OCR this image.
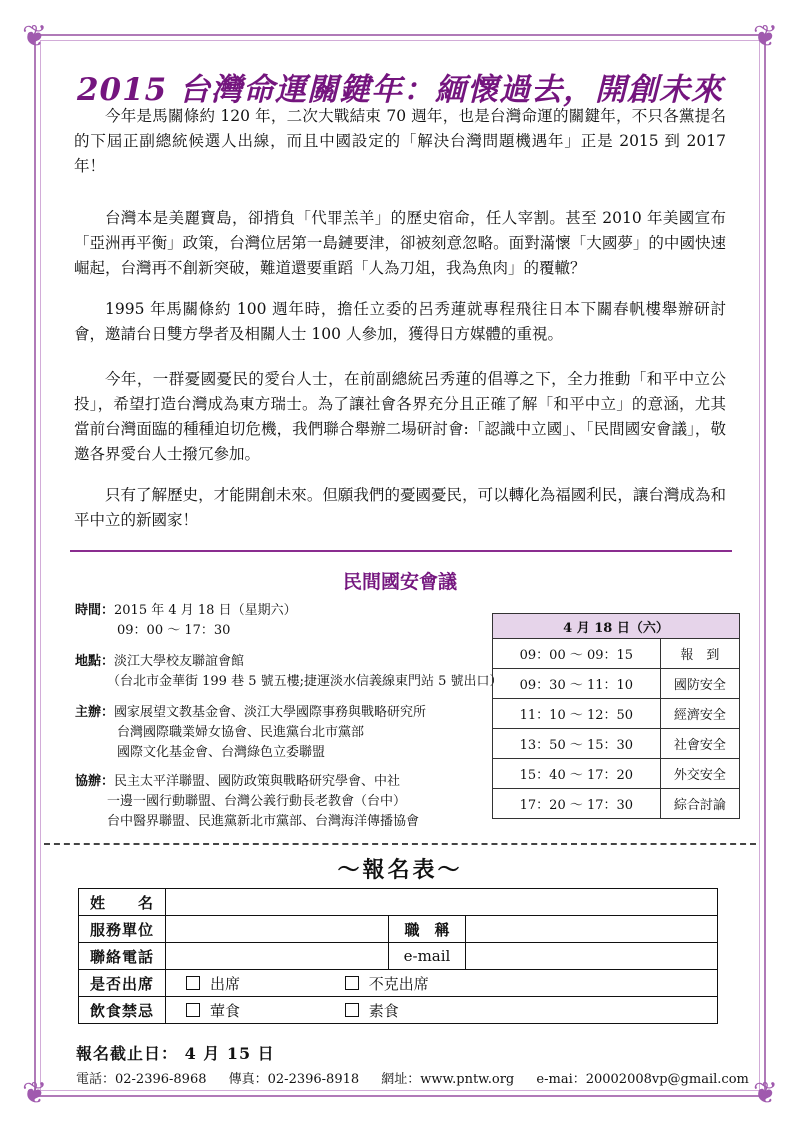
❦	❦
❦	❦
2015 台灣命運關鍵年：緬懷過去，開創未來

今年是馬關條約 120 年，二次大戰結束 70 週年，也是台灣命運的關鍵年，不只各黨提名的下屆正副總統候選人出線，而且中國設定的「解決台灣問題機遇年」正是 2015 到 2017 年！

台灣本是美麗寶島，卻揹負「代罪羔羊」的歷史宿命，任人宰割。甚至 2010 年美國宣布「亞洲再平衡」政策，台灣位居第一島鏈要津，卻被刻意忽略。面對滿懷「大國夢」的中國快速崛起，台灣再不創新突破，難道還要重蹈「人為刀俎，我為魚肉」的覆轍？

1995 年馬關條約 100 週年時，擔任立委的呂秀蓮就專程飛往日本下關春帆樓舉辦研討會，邀請台日雙方學者及相關人士 100 人參加，獲得日方媒體的重視。

今年，一群憂國憂民的愛台人士，在前副總統呂秀蓮的倡導之下，全力推動「和平中立公投」，希望打造台灣成為東方瑞士。為了讓社會各界充分且正確了解「和平中立」的意涵，尤其當前台灣面臨的種種迫切危機，我們聯合舉辦二場研討會:「認識中立國」、「民間國安會議」，敬邀各界愛台人士撥冗參加。

只有了解歷史，才能開創未來。但願我們的憂國憂民，可以轉化為福國利民，讓台灣成為和平中立的新國家！

民間國安會議
時間：2015 年 4 月 18 日（星期六）
09：00 ～ 17：30
地點：淡江大學校友聯誼會館
（台北市金華街 199 巷 5 號五樓;捷運淡水信義線東門站 5 號出口）
主辦：國家展望文教基金會、淡江大學國際事務與戰略研究所
台灣國際職業婦女協會、民進黨台北市黨部
國際文化基金會、台灣綠色立委聯盟
協辦：民主太平洋聯盟、國防政策與戰略研究學會、中社
一邊一國行動聯盟、台灣公義行動長老教會（台中）
台中醫界聯盟、民進黨新北市黨部、台灣海洋傳播協會
4 月 18 日（六）	
09：00 ～ 09：15	報　到
09：30 ～ 11：10	國防安全
11：10 ～ 12：50	經濟安全
13：50 ～ 15：30	社會安全
15：40 ～ 17：20	外交安全
17：20 ～ 17：30	綜合討論
～報名表～
姓　　名			
服務單位		職　稱	
聯絡電話		e-mail	
是否出席	出席 不克出席		
飲食禁忌	葷食 素食		
報名截止日： 4 月 15 日
電話：02-2396-8968 傳真：02-2396-8918 網址：www.pntw.org e-mai：20002008vp@gmail.com
